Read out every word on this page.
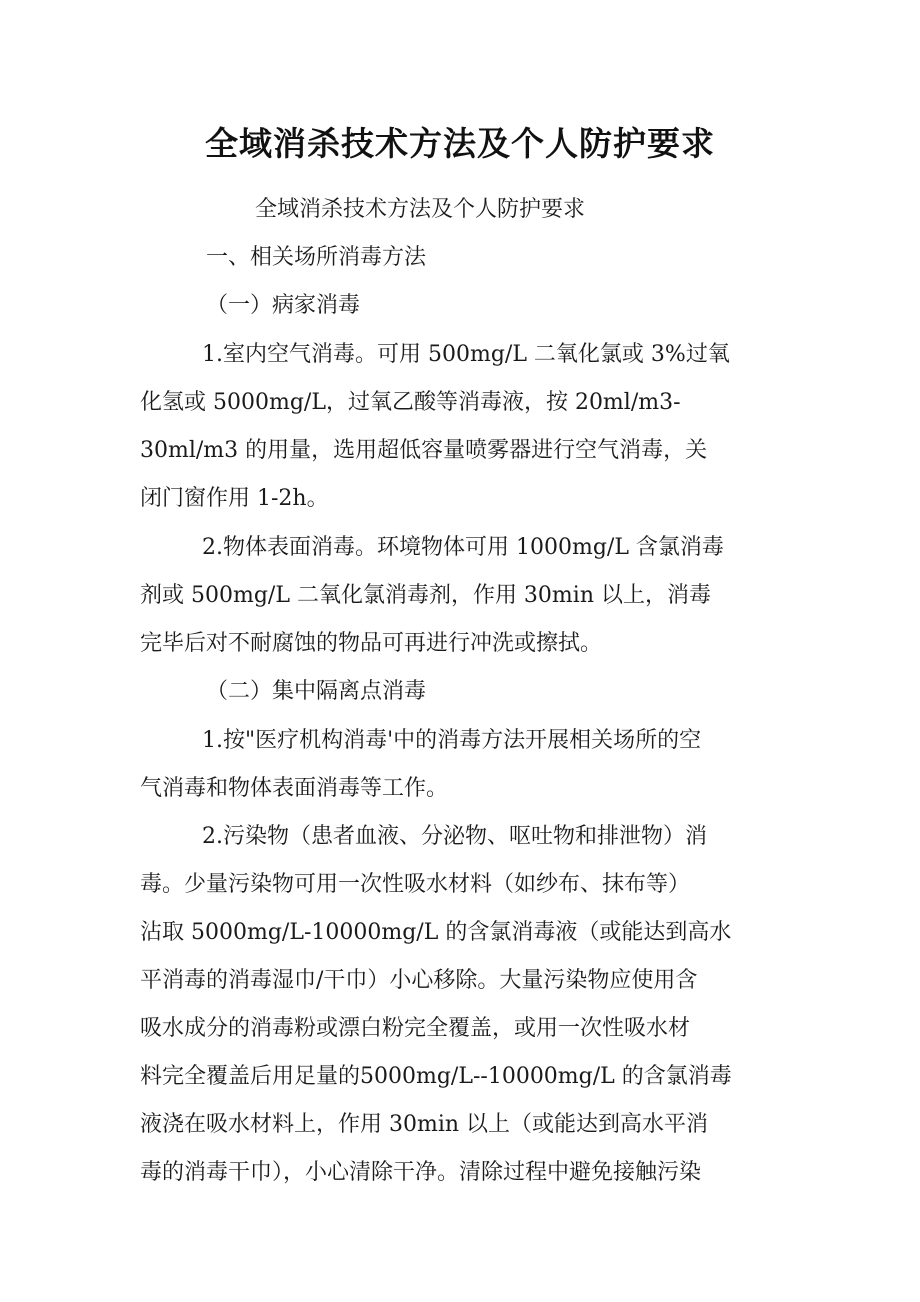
全域消杀技术方法及个人防护要求
全域消杀技术方法及个人防护要求
一、相关场所消毒方法
（一）病家消毒
1.室内空气消毒。可用 500mg/L 二氧化氯或 3%过氧
化氢或 5000mg/L，过氧乙酸等消毒液，按 20ml/m3-
30ml/m3 的用量，选用超低容量喷雾器进行空气消毒，关
闭门窗作用 1-2h。
2.物体表面消毒。环境物体可用 1000mg/L 含氯消毒
剂或 500mg/L 二氧化氯消毒剂，作用 30min 以上，消毒
完毕后对不耐腐蚀的物品可再进行冲洗或擦拭。
（二）集中隔离点消毒
1.按"医疗机构消毒'中的消毒方法开展相关场所的空
气消毒和物体表面消毒等工作。
2.污染物（患者血液、分泌物、呕吐物和排泄物）消
毒。少量污染物可用一次性吸水材料（如纱布、抹布等）
沾取 5000mg/L-10000mg/L 的含氯消毒液（或能达到高水
平消毒的消毒湿巾/干巾）小心移除。大量污染物应使用含
吸水成分的消毒粉或漂白粉完全覆盖，或用一次性吸水材
料完全覆盖后用足量的5000mg/L--10000mg/L 的含氯消毒
液浇在吸水材料上，作用 30min 以上（或能达到高水平消
毒的消毒干巾），小心清除干净。清除过程中避免接触污染
